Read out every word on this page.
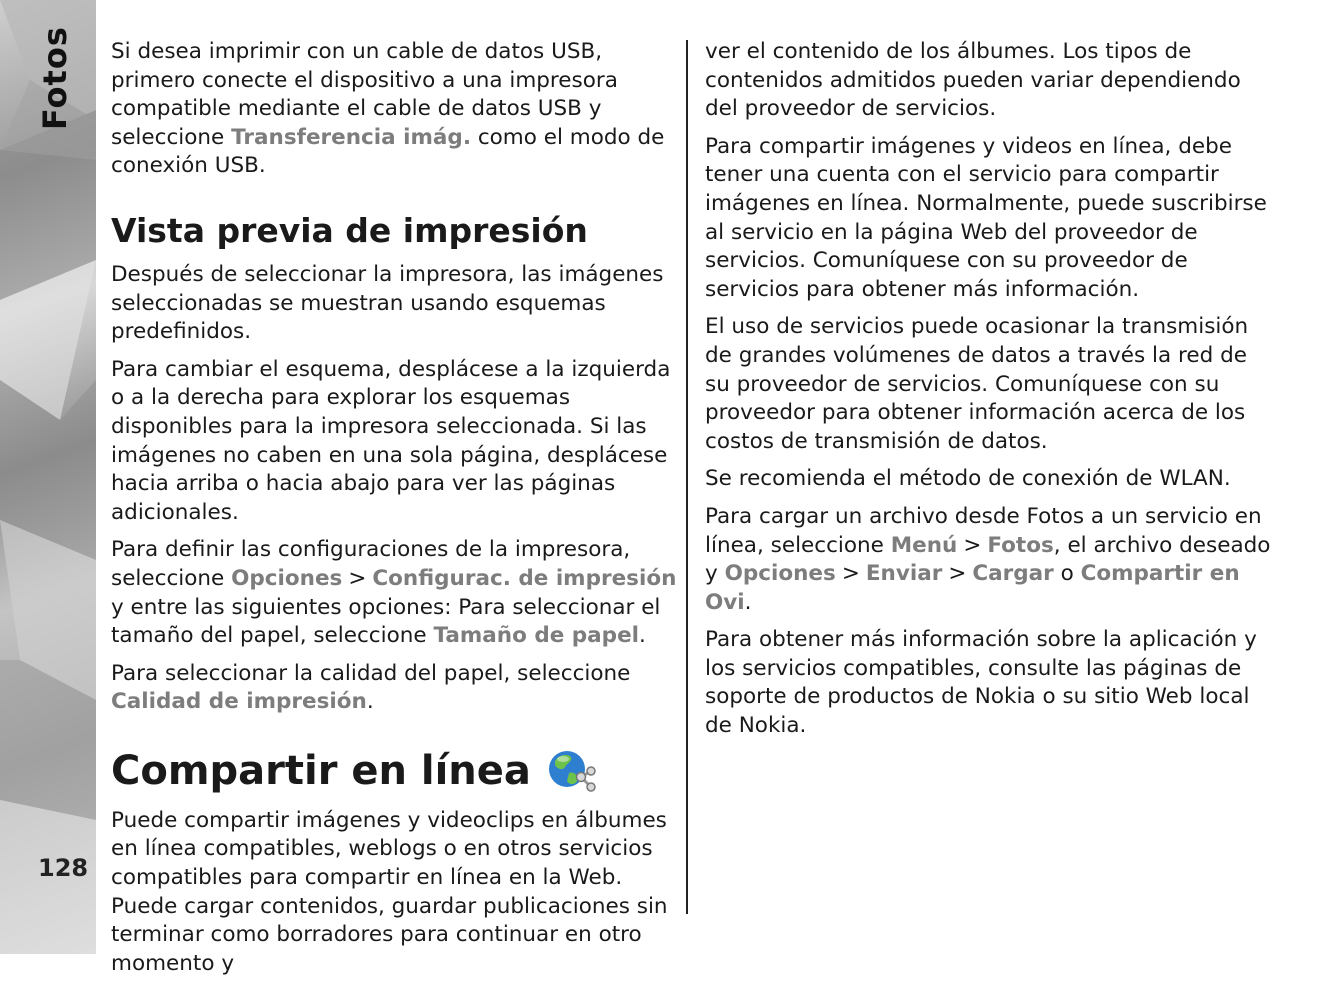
128

Si desea imprimir con un cable de datos USB, primero conecte el dispositivo a una impresora compatible mediante el cable de datos USB y seleccione Transferencia imág. como el modo de conexión USB.

Vista previa de impresión

Después de seleccionar la impresora, las imágenes seleccionadas se muestran usando esquemas predefinidos.

Para cambiar el esquema, desplácese a la izquierda o a la derecha para explorar los esquemas disponibles para la impresora seleccionada. Si las imágenes no caben en una sola página, desplácese hacia arriba o hacia abajo para ver las páginas adicionales.

Para definir las configuraciones de la impresora, seleccione Opciones > Configurac. de impresión y entre las siguientes opciones: Para seleccionar el tamaño del papel, seleccione Tamaño de papel.

Para seleccionar la calidad del papel, seleccione Calidad de impresión.

Compartir en línea

Puede compartir imágenes y videoclips en álbumes en línea compatibles, weblogs o en otros servicios compatibles para compartir en línea en la Web. Puede cargar contenidos, guardar publicaciones sin terminar como borradores para continuar en otro momento y

ver el contenido de los álbumes. Los tipos de contenidos admitidos pueden variar dependiendo del proveedor de servicios.

Para compartir imágenes y videos en línea, debe tener una cuenta con el servicio para compartir imágenes en línea. Normalmente, puede suscribirse al servicio en la página Web del proveedor de servicios. Comuníquese con su proveedor de servicios para obtener más información.

El uso de servicios puede ocasionar la transmisión de grandes volúmenes de datos a través la red de su proveedor de servicios. Comuníquese con su proveedor para obtener información acerca de los costos de transmisión de datos.

Se recomienda el método de conexión de WLAN.

Para cargar un archivo desde Fotos a un servicio en línea, seleccione Menú > Fotos, el archivo deseado y Opciones > Enviar > Cargar o Compartir en Ovi.

Para obtener más información sobre la aplicación y los servicios compatibles, consulte las páginas de soporte de productos de Nokia o su sitio Web local de Nokia.
